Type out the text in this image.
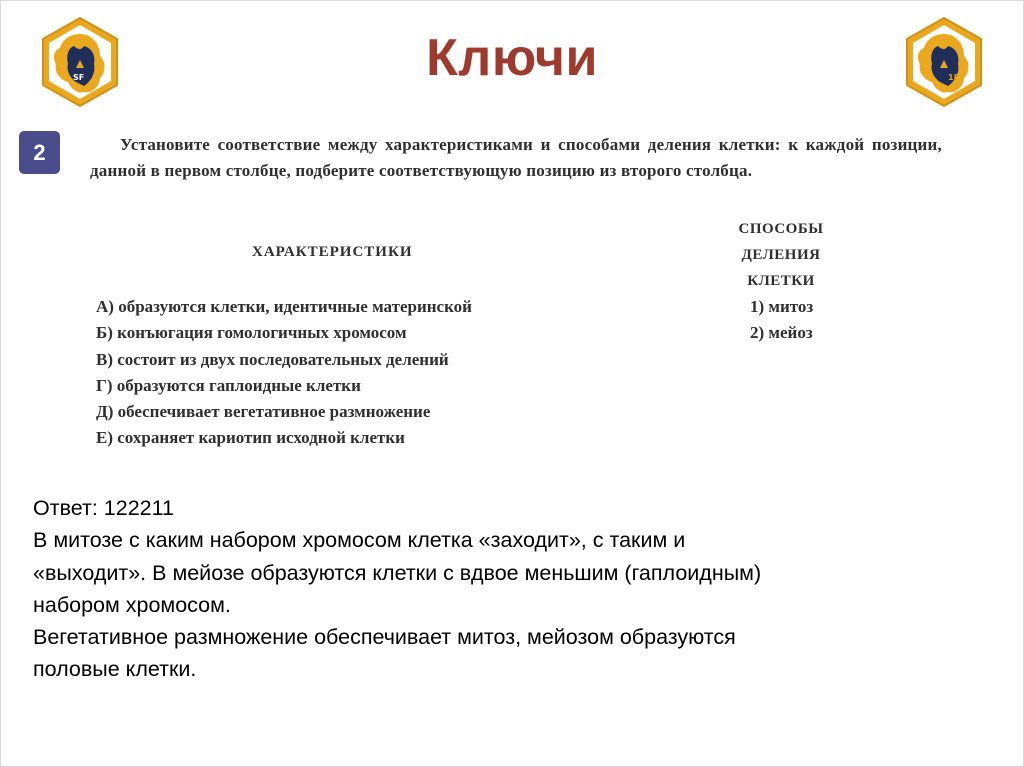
SF	18
Ключи
2	Установите соответствие между характеристиками и способами деления клетки: к каждой позиции, данной в первом столбце, подберите соответствующую позицию из второго столбца.
ХАРАКТЕРИСТИКИ
СПОСОБЫ
ДЕЛЕНИЯ
КЛЕТКИ
А) образуются клетки, идентичные материнской
Б) конъюгация гомологичных хромосом
В) состоит из двух последовательных делений
Г) образуются гаплоидные клетки
Д) обеспечивает вегетативное размножение
Е) сохраняет кариотип исходной клетки
1) митоз
2) мейоз
Ответ: 122211
В митозе с каким набором хромосом клетка «заходит», с таким и
«выходит». В мейозе образуются клетки с вдвое меньшим (гаплоидным)
набором хромосом.
Вегетативное размножение обеспечивает митоз, мейозом образуются
половые клетки.
